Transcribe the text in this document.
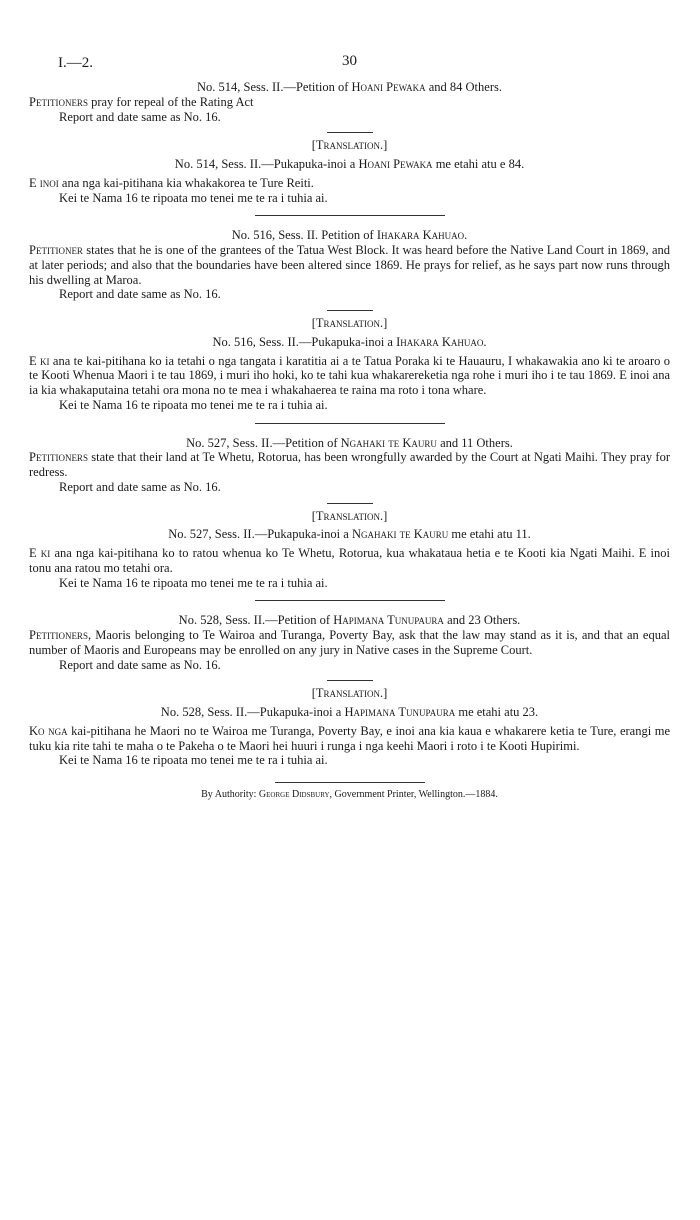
I.—2.	30
No. 514, Sess. II.—Petition of Hoani Pewaka and 84 Others.

Petitioners pray for repeal of the Rating Act

Report and date same as No. 16.

[Translation.]
No. 514, Sess. II.—Pukapuka-inoi a Hoani Pewaka me etahi atu e 84.

E inoi ana nga kai-pitihana kia whakakorea te Ture Reiti.

Kei te Nama 16 te ripoata mo tenei me te ra i tuhia ai.

No. 516, Sess. II. Petition of Ihakara Kahuao.

Petitioner states that he is one of the grantees of the Tatua West Block. It was heard before the Native Land Court in 1869, and at later periods; and also that the boundaries have been altered since 1869. He prays for relief, as he says part now runs through his dwelling at Maroa.

Report and date same as No. 16.

[Translation.]
No. 516, Sess. II.—Pukapuka-inoi a Ihakara Kahuao.

E ki ana te kai-pitihana ko ia tetahi o nga tangata i karatitia ai a te Tatua Poraka ki te Hauauru, I whakawakia ano ki te aroaro o te Kooti Whenua Maori i te tau 1869, i muri iho hoki, ko te tahi kua whakarereketia nga rohe i muri iho i te tau 1869. E inoi ana ia kia whakaputaina tetahi ora mona no te mea i whakahaerea te raina ma roto i tona whare.

Kei te Nama 16 te ripoata mo tenei me te ra i tuhia ai.

No. 527, Sess. II.—Petition of Ngahaki te Kauru and 11 Others.

Petitioners state that their land at Te Whetu, Rotorua, has been wrongfully awarded by the Court at Ngati Maihi. They pray for redress.

Report and date same as No. 16.

[Translation.]
No. 527, Sess. II.—Pukapuka-inoi a Ngahaki te Kauru me etahi atu 11.

E ki ana nga kai-pitihana ko to ratou whenua ko Te Whetu, Rotorua, kua whakataua hetia e te Kooti kia Ngati Maihi. E inoi tonu ana ratou mo tetahi ora.

Kei te Nama 16 te ripoata mo tenei me te ra i tuhia ai.

No. 528, Sess. II.—Petition of Hapimana Tunupaura and 23 Others.

Petitioners, Maoris belonging to Te Wairoa and Turanga, Poverty Bay, ask that the law may stand as it is, and that an equal number of Maoris and Europeans may be enrolled on any jury in Native cases in the Supreme Court.

Report and date same as No. 16.

[Translation.]
No. 528, Sess. II.—Pukapuka-inoi a Hapimana Tunupaura me etahi atu 23.

Ko nga kai-pitihana he Maori no te Wairoa me Turanga, Poverty Bay, e inoi ana kia kaua e whakarere ketia te Ture, erangi me tuku kia rite tahi te maha o te Pakeha o te Maori hei huuri i runga i nga keehi Maori i roto i te Kooti Hupirimi.

Kei te Nama 16 te ripoata mo tenei me te ra i tuhia ai.

By Authority: George Didsbury, Government Printer, Wellington.—1884.
